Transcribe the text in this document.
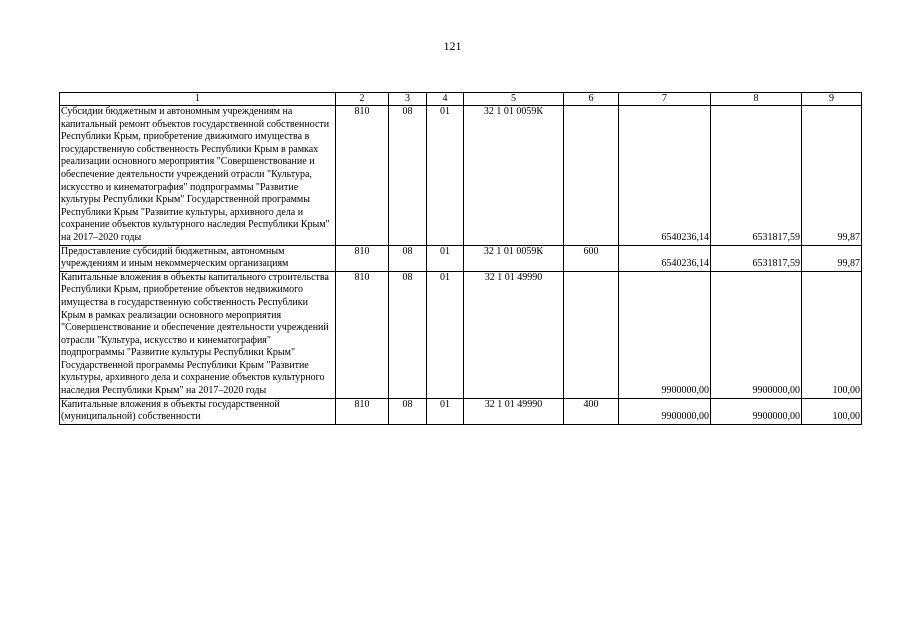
121
1	2	3	4	5	6	7	8	9
Субсидии бюджетным и автономным учреждениям на капитальный ремонт объектов государственной собственности Республики Крым, приобретение движимого имущества в государственную собственность Республики Крым в рамках реализации основного мероприятия "Совершенствование и обеспечение деятельности учреждений отрасли "Культура, искусство и кинематография" подпрограммы "Развитие культуры Республики Крым" Государственной программы Республики Крым "Развитие культуры, архивного дела и сохранение объектов культурного наследия Республики Крым" на 2017–2020 годы	810	08	01	32 1 01 0059К		6540236,14	6531817,59	99,87
Предоставление субсидий бюджетным, автономным учреждениям и иным некоммерческим организациям	810	08	01	32 1 01 0059К	600	6540236,14	6531817,59	99,87
Капитальные вложения в объекты капитального строительства Республики Крым, приобретение объектов недвижимого имущества в государственную собственность Республики Крым в рамках реализации основного мероприятия "Совершенствование и обеспечение деятельности учреждений отрасли "Культура, искусство и кинематография" подпрограммы "Развитие культуры Республики Крым" Государственной программы Республики Крым "Развитие культуры, архивного дела и сохранение объектов культурного наследия Республики Крым" на 2017–2020 годы	810	08	01	32 1 01 49990		9900000,00	9900000,00	100,00
Капитальные вложения в объекты государственной (муниципальной) собственности	810	08	01	32 1 01 49990	400	9900000,00	9900000,00	100,00
